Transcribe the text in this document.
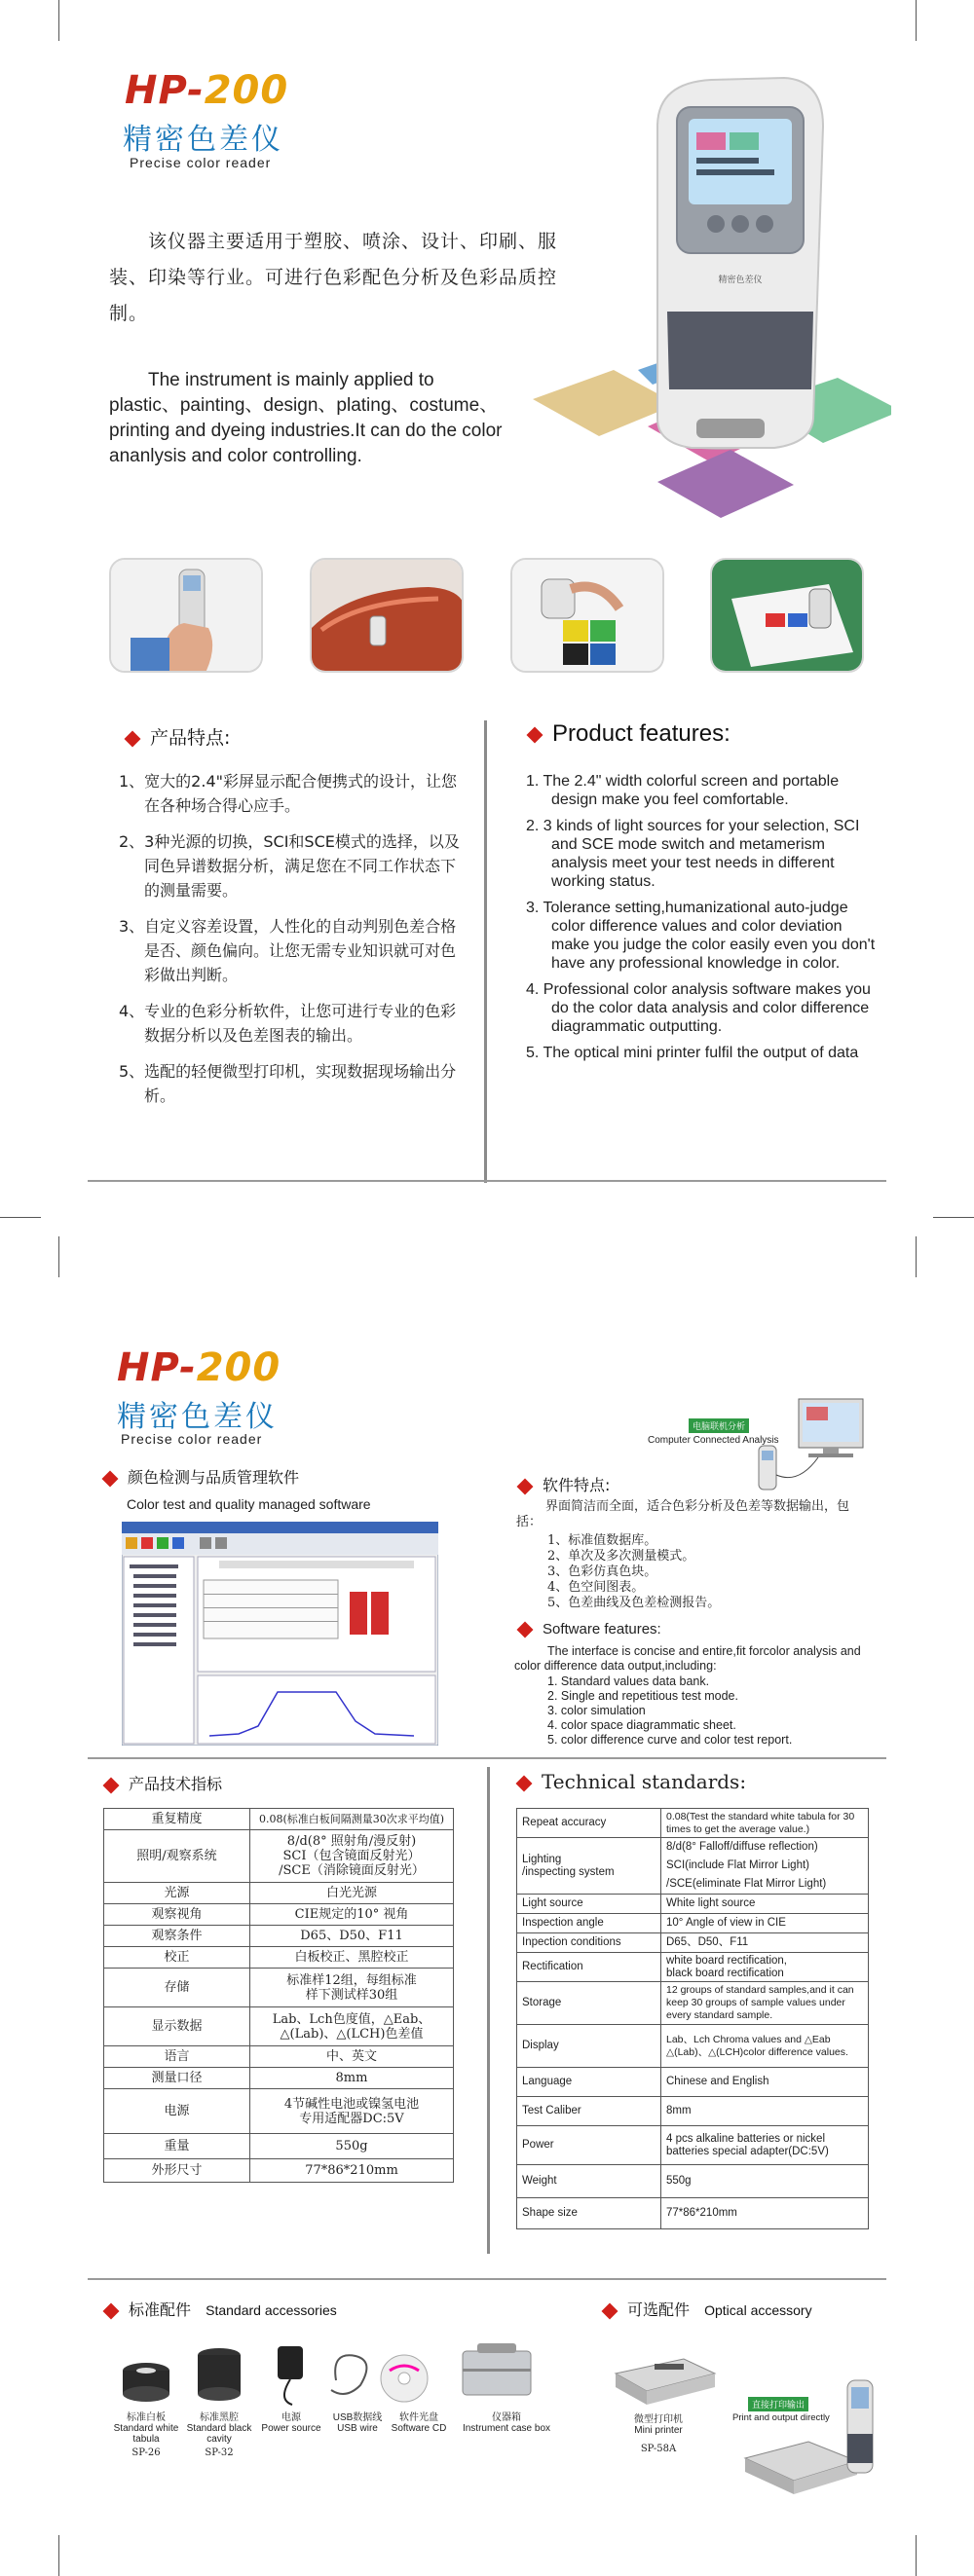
HP-200
精密色差仪
Precise color reader
该仪器主要适用于塑胶、喷涂、设计、印刷、服装、印染等行业。可进行色彩配色分析及色彩品质控制。
The instrument is mainly applied to plastic、painting、design、plating、costume、printing and dyeing industries.It can do the color ananlysis and color controlling.
精密色差仪
产品特点:
1、宽大的2.4"彩屏显示配合便携式的设计，让您在各种场合得心应手。
2、3种光源的切换，SCI和SCE模式的选择，以及同色异谱数据分析，满足您在不同工作状态下的测量需要。
3、自定义容差设置，人性化的自动判别色差合格是否、颜色偏向。让您无需专业知识就可对色彩做出判断。
4、专业的色彩分析软件，让您可进行专业的色彩数据分析以及色差图表的输出。
5、选配的轻便微型打印机，实现数据现场输出分析。
Product features:
1. The 2.4" width colorful screen and portable design make you feel comfortable.
2. 3 kinds of light sources for your selection, SCI and SCE mode switch and metamerism analysis meet your test needs in different working status.
3. Tolerance setting,humanizational auto-judge color difference values and color deviation make you judge the color easily even you don't have any professional knowledge in color.
4. Professional color analysis software makes you do the color data analysis and color difference diagrammatic outputting.
5. The optical mini printer fulfil the output of data
HP-200
精密色差仪
Precise color reader
电脑联机分析
Computer Connected Analysis
颜色检测与品质管理软件
Color test and quality managed software
软件特点:
界面简洁而全面，适合色彩分析及色差等数据输出，包括：
1、标准值数据库。
2、单次及多次测量模式。
3、色彩仿真色块。
4、色空间图表。
5、色差曲线及色差检测报告。
Software features:
The interface is concise and entire,fit forcolor analysis and color difference data output,including:
1. Standard values data bank.
2. Single and repetitious test mode.
3. color simulation
4. color space diagrammatic sheet.
5. color difference curve and color test report.
产品技术指标
重复精度	0.08(标准白板间隔测量30次求平均值)
照明/观察系统	8/d(8° 照射角/漫反射)
SCI（包含镜面反射光）
/SCE（消除镜面反射光）
光源	白光光源
观察视角	CIE规定的10° 视角
观察条件	D65、D50、F11
校正	白板校正、黑腔校正
存储	标准样12组，每组标准
样下测试样30组
显示数据	Lab、Lch色度值，△Eab、
△(Lab)、△(LCH)色差值
语言	中、英文
测量口径	8mm
电源	4节碱性电池或镍氢电池
专用适配器DC:5V
重量	550g
外形尺寸	77*86*210mm
Technical standards:
Repeat accuracy	0.08(Test the standard white tabula for 30 times to get the average value.)
Lighting
/inspecting system	8/d(8° Falloff/diffuse reflection)
SCI(include Flat Mirror Light)
/SCE(eliminate Flat Mirror Light)
Light source	White light source
Inspection angle	10° Angle of view in CIE
Inpection conditions	D65、D50、F11
Rectification	white board rectification,
black board rectification
Storage	12 groups of standard samples,and it can keep 30 groups of sample values under every standard sample.
Display	Lab、Lch Chroma values and △Eab
△(Lab)、△(LCH)color difference values.
Language	Chinese and English
Test Caliber	8mm
Power	4 pcs alkaline batteries or nickel batteries special adapter(DC:5V)
Weight	550g
Shape size	77*86*210mm
标准配件 Standard accessories
标准白板
Standard white tabula
SP-26
标准黑腔
Standard black cavity
SP-32
电源
Power source
USB数据线
USB wire
软件光盘
Software CD
仪器箱
Instrument case box
可选配件 Optical accessory
微型打印机
Mini printer
SP-58A
直接打印输出
Print and output directly
